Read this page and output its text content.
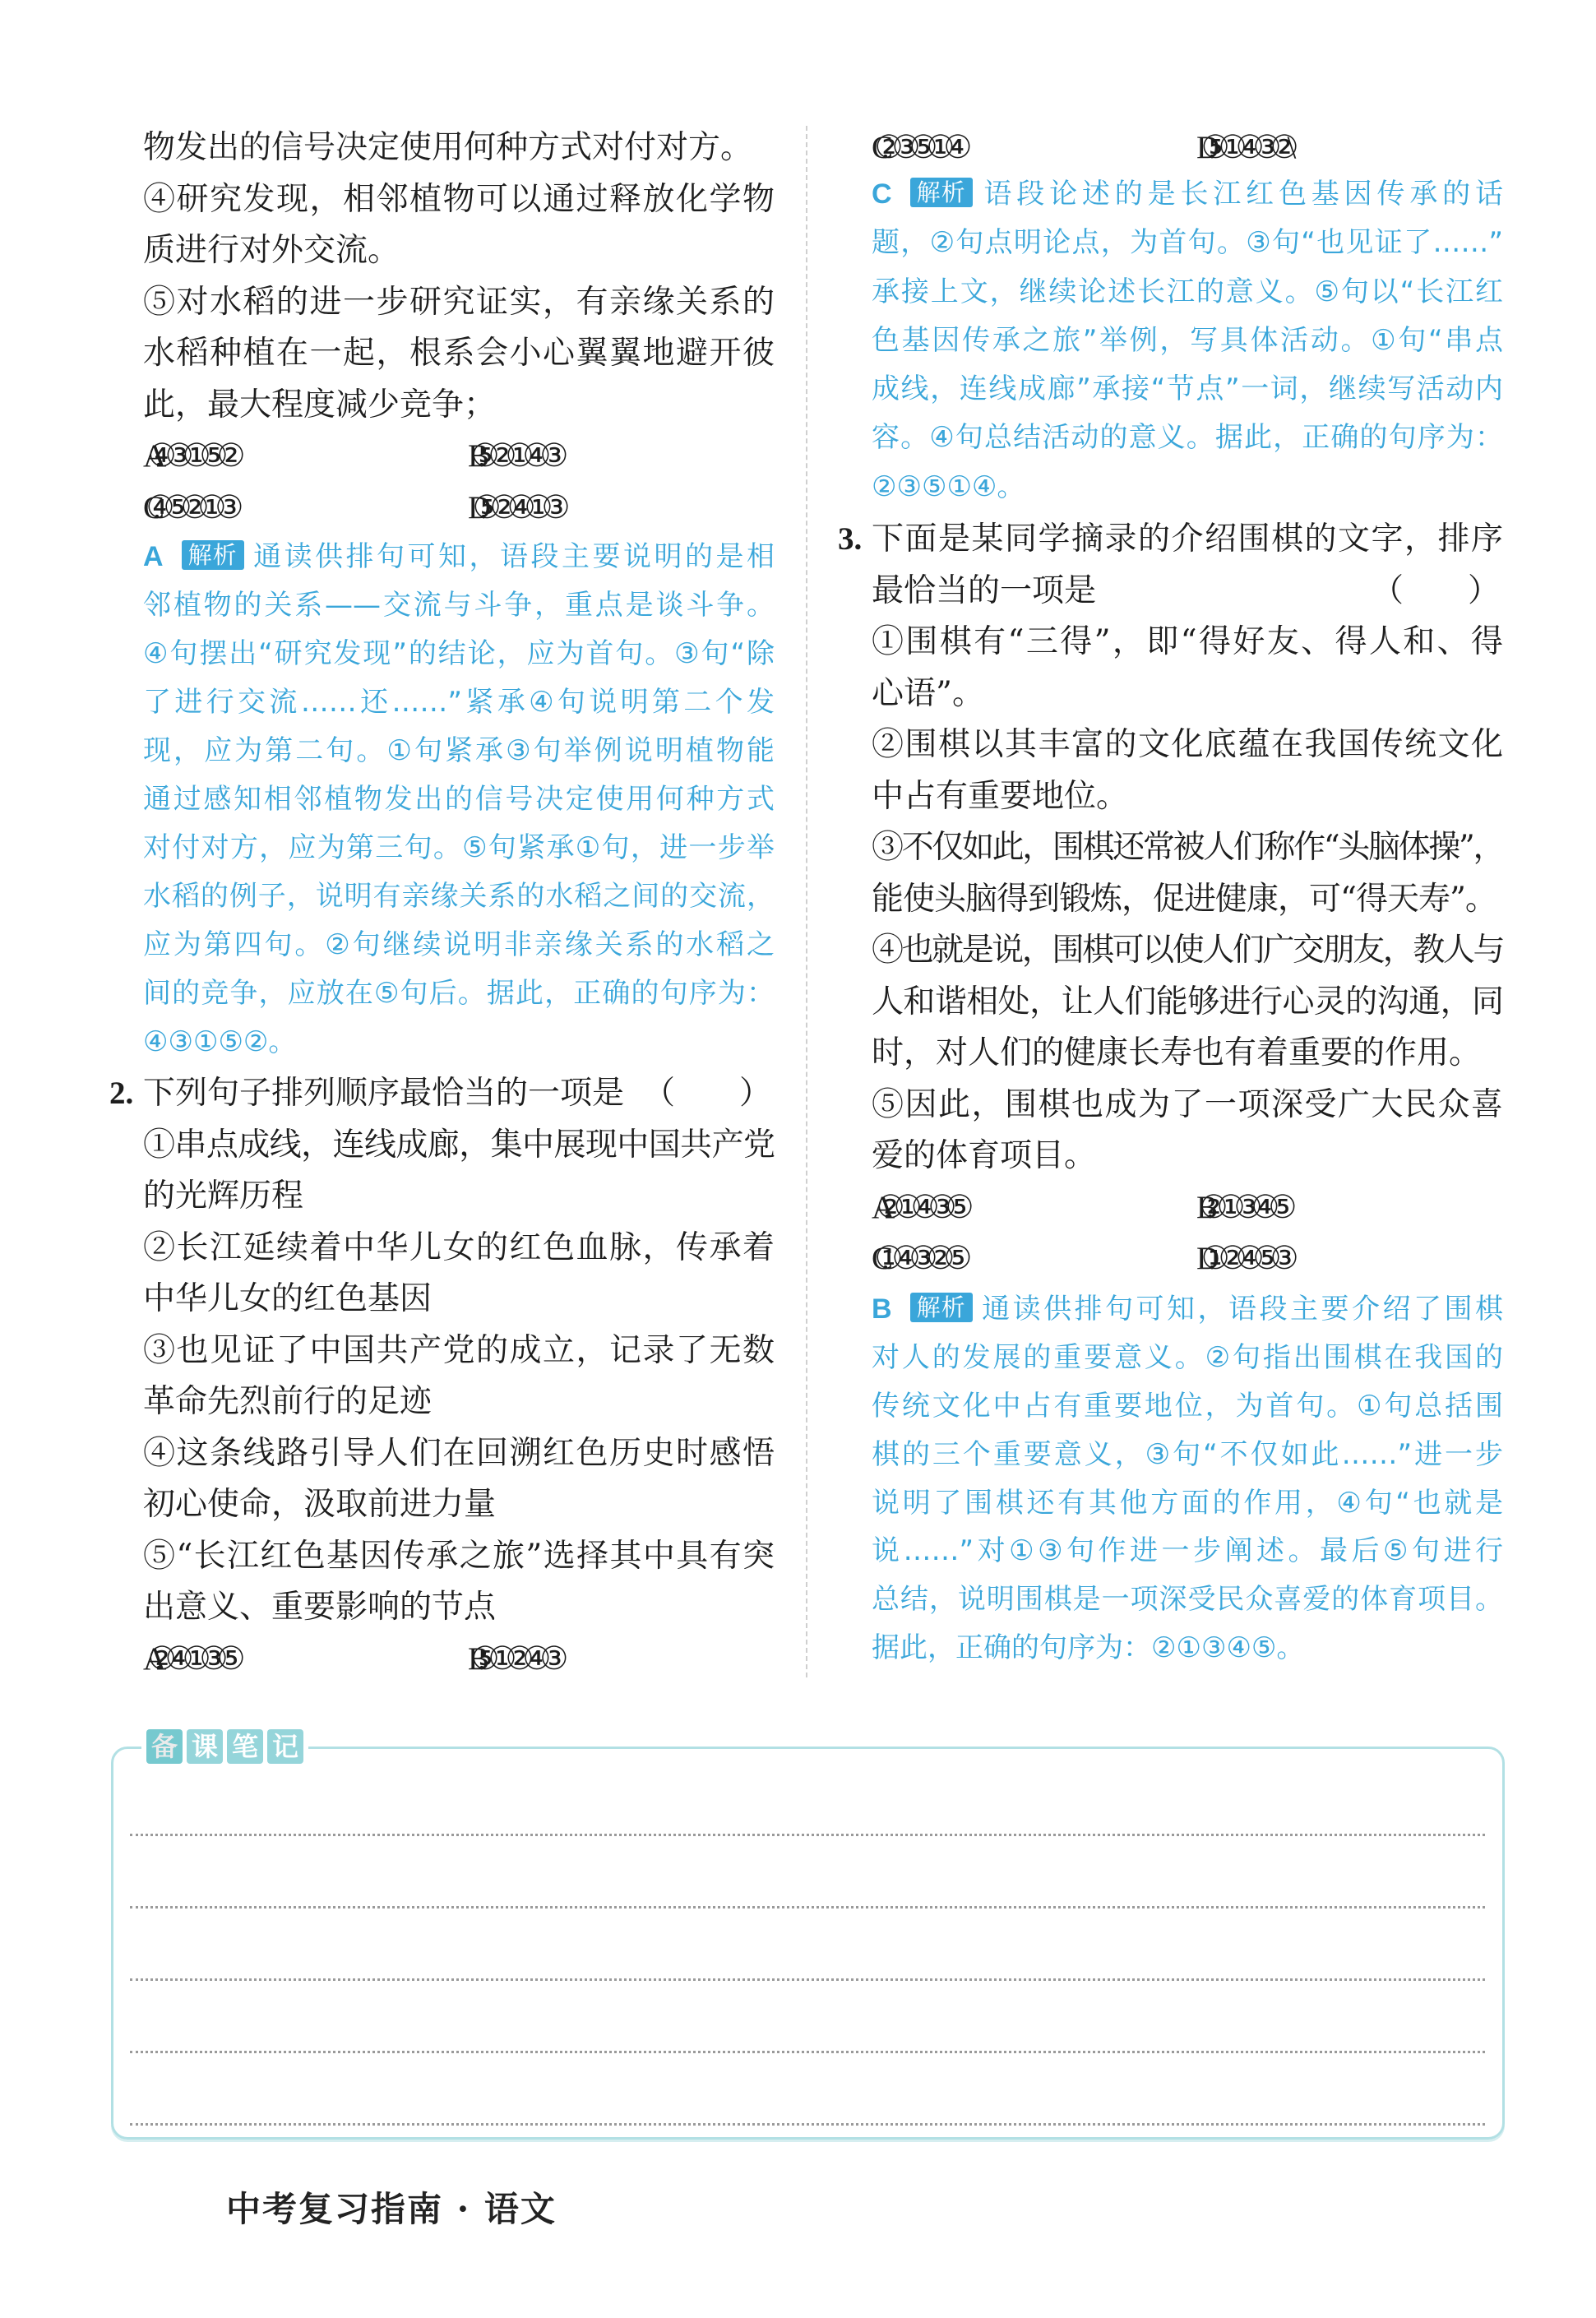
物发出的信号决定使用何种方式对付对方。
④研究发现，相邻植物可以通过释放化学物
质进行对外交流。
⑤对水稻的进一步研究证实，有亲缘关系的
水稻种植在一起，根系会小心翼翼地避开彼
此，最大程度减少竞争；
A. ④③①⑤②	B. ⑤②①④③
C. ④⑤②①③	D. ⑤②④①③
A 解析 通读供排句可知，语段主要说明的是相
邻植物的关系——交流与斗争，重点是谈斗争。
④句摆出“研究发现”的结论，应为首句。③句“除
了进行交流……还……”紧承④句说明第二个发
现，应为第二句。①句紧承③句举例说明植物能
通过感知相邻植物发出的信号决定使用何种方式
对付对方，应为第三句。⑤句紧承①句，进一步举
水稻的例子，说明有亲缘关系的水稻之间的交流，
应为第四句。②句继续说明非亲缘关系的水稻之
间的竞争，应放在⑤句后。据此，正确的句序为：
④③①⑤②。
2. 下列句子排列顺序最恰当的一项是 （　　）
①串点成线，连线成廊，集中展现中国共产党
的光辉历程
②长江延续着中华儿女的红色血脉，传承着
中华儿女的红色基因
③也见证了中国共产党的成立，记录了无数
革命先烈前行的足迹
④这条线路引导人们在回溯红色历史时感悟
初心使命，汲取前进力量
⑤“长江红色基因传承之旅”选择其中具有突
出意义、重要影响的节点
A. ②④①③⑤	B. ⑤①②④③
C. ②③⑤①④	D. ⑤①④③②\
C 解析 语段论述的是长江红色基因传承的话
题，②句点明论点，为首句。③句“也见证了……”
承接上文，继续论述长江的意义。⑤句以“长江红
色基因传承之旅”举例，写具体活动。①句“串点
成线，连线成廊”承接“节点”一词，继续写活动内
容。④句总结活动的意义。据此，正确的句序为：
②③⑤①④。
3. 下面是某同学摘录的介绍围棋的文字，排序
最恰当的一项是	（　　）
①围棋有“三得”，即“得好友、得人和、得
心语”。
②围棋以其丰富的文化底蕴在我国传统文化
中占有重要地位。
③不仅如此，围棋还常被人们称作“头脑体操”，
能使头脑得到锻炼，促进健康，可“得天寿”。
④也就是说，围棋可以使人们广交朋友，教人与
人和谐相处，让人们能够进行心灵的沟通，同
时，对人们的健康长寿也有着重要的作用。
⑤因此，围棋也成为了一项深受广大民众喜
爱的体育项目。
A. ②①④③⑤	B. ②①③④⑤
C. ①④③②⑤	D. ①②④⑤③
B 解析 通读供排句可知，语段主要介绍了围棋
对人的发展的重要意义。②句指出围棋在我国的
传统文化中占有重要地位，为首句。①句总括围
棋的三个重要意义，③句“不仅如此……”进一步
说明了围棋还有其他方面的作用，④句“也就是
说……”对①③句作进一步阐述。最后⑤句进行
总结，说明围棋是一项深受民众喜爱的体育项目。
据此，正确的句序为：②①③④⑤。
备 课 笔 记
中考复习指南 · 语文
